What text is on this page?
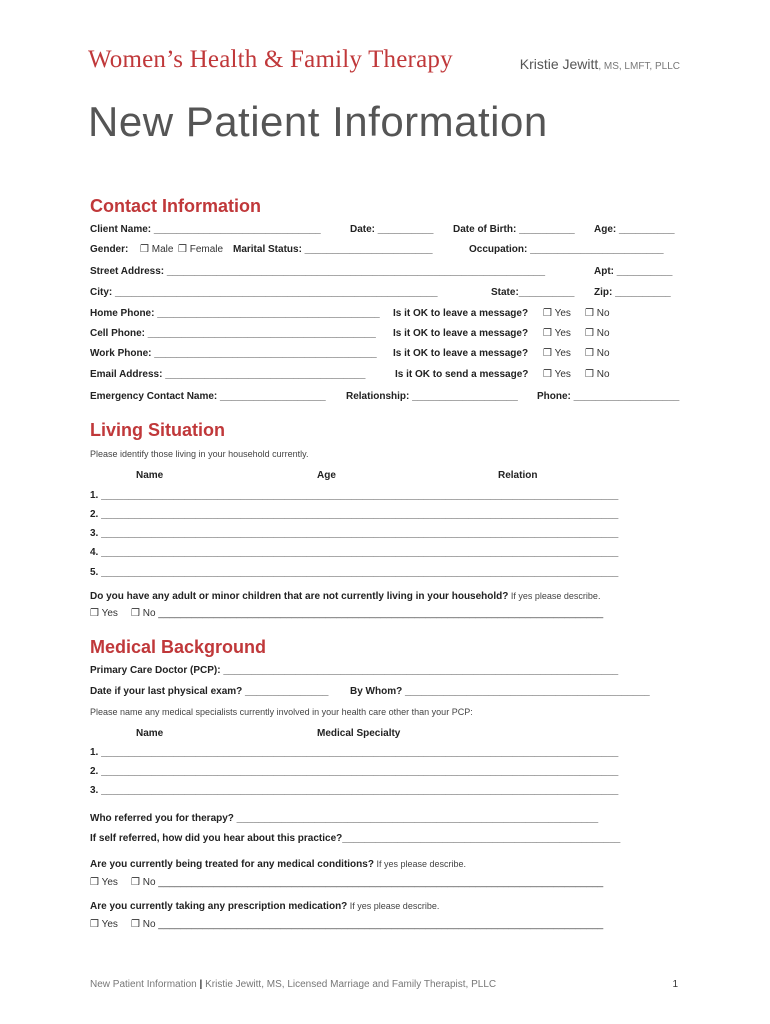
Women’s Health & Family Therapy	Kristie Jewitt, MS, LMFT, PLLC
New Patient Information
Contact Information
Client Name: ______________________________	Date: __________ Date of Birth: __________ Age: __________
Gender: ❒ Male ❒ Female Marital Status: _______________________	Occupation: ________________________
Street Address: ____________________________________________________________________	Apt: __________
City: __________________________________________________________	State:__________ Zip: __________
Home Phone: ________________________________________ Is it OK to leave a message? ❒ Yes ❒ No
Cell Phone: _________________________________________ Is it OK to leave a message? ❒ Yes ❒ No
Work Phone: ________________________________________ Is it OK to leave a message? ❒ Yes ❒ No
Email Address: ____________________________________	Is it OK to send a message? ❒ Yes ❒ No
Emergency Contact Name: ___________________ Relationship: ___________________ Phone: ___________________
Living Situation
Please identify those living in your household currently.
Name	Age	Relation
1. _____________________________________________________________________________________________
2. _____________________________________________________________________________________________
3. _____________________________________________________________________________________________
4. _____________________________________________________________________________________________
5. _____________________________________________________________________________________________
Do you have any adult or minor children that are not currently living in your household? If yes please describe.
❒ Yes ❒ No ________________________________________________________________________________
Medical Background
Primary Care Doctor (PCP): _______________________________________________________________________
Date if your last physical exam? _______________ By Whom? ____________________________________________
Please name any medical specialists currently involved in your health care other than your PCP:
Name	Medical Specialty
1. _____________________________________________________________________________________________
2. _____________________________________________________________________________________________
3. _____________________________________________________________________________________________
Who referred you for therapy? _________________________________________________________________
If self referred, how did you hear about this practice?__________________________________________________
Are you currently being treated for any medical conditions? If yes please describe.
❒ Yes ❒ No ________________________________________________________________________________
Are you currently taking any prescription medication? If yes please describe.
❒ Yes ❒ No ________________________________________________________________________________
New Patient Information | Kristie Jewitt, MS, Licensed Marriage and Family Therapist, PLLC	1
